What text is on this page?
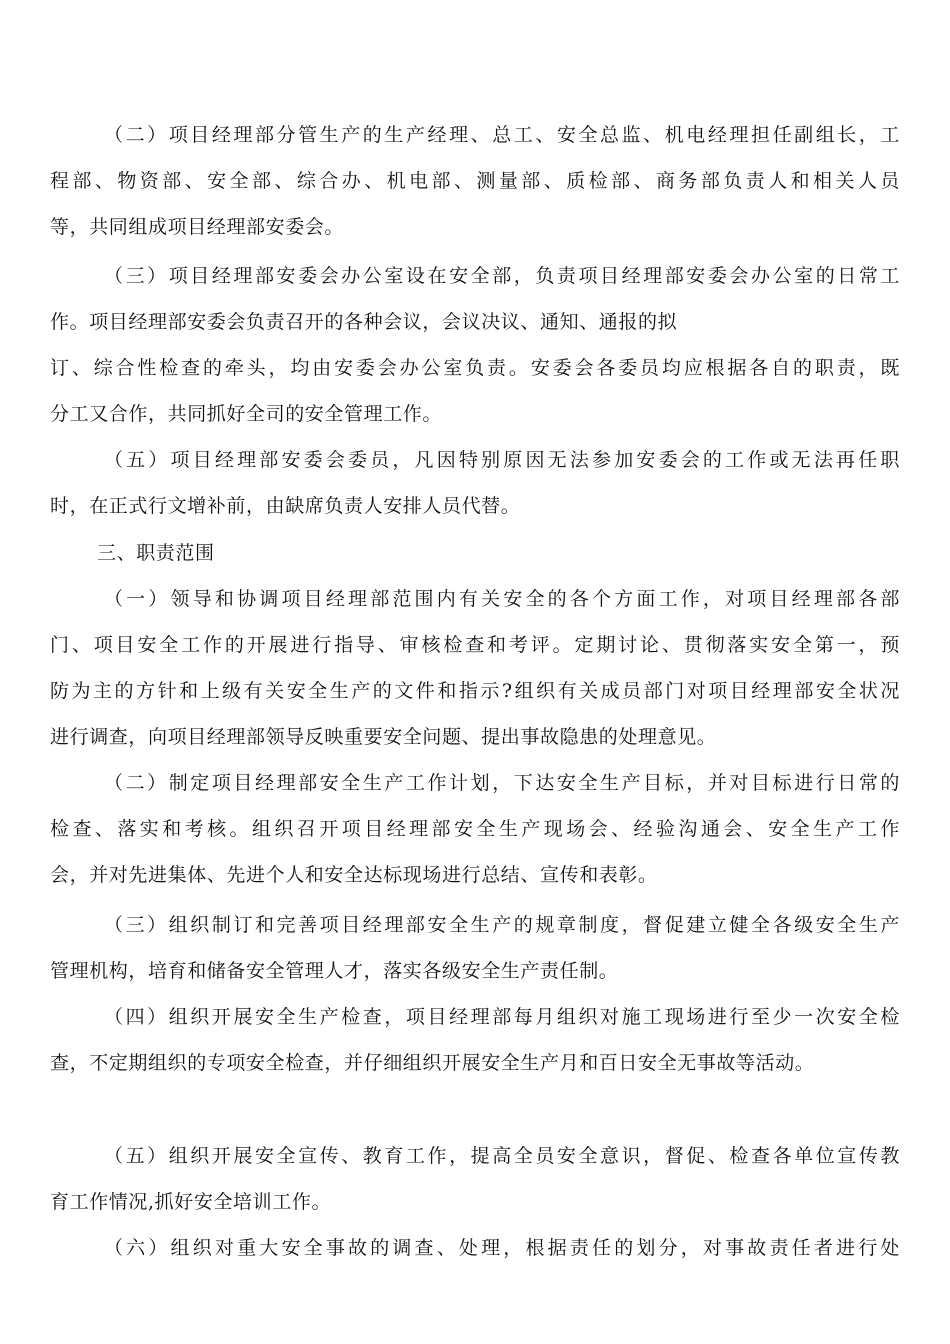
（二）项目经理部分管生产的生产经理、总工、安全总监、机电经理担任副组长，工
程部、物资部、安全部、综合办、机电部、测量部、质检部、商务部负责人和相关人员
等，共同组成项目经理部安委会。
（三）项目经理部安委会办公室设在安全部，负责项目经理部安委会办公室的日常工
作。项目经理部安委会负责召开的各种会议，会议决议、通知、通报的拟
订、综合性检查的牵头，均由安委会办公室负责。安委会各委员均应根据各自的职责，既
分工又合作，共同抓好全司的安全管理工作。
（五）项目经理部安委会委员，凡因特别原因无法参加安委会的工作或无法再任职
时，在正式行文增补前，由缺席负责人安排人员代替。
三、职责范围
（一）领导和协调项目经理部范围内有关安全的各个方面工作，对项目经理部各部
门、项目安全工作的开展进行指导、审核检查和考评。定期讨论、贯彻落实安全第一，预
防为主的方针和上级有关安全生产的文件和指示?组织有关成员部门对项目经理部安全状况
进行调查，向项目经理部领导反映重要安全问题、提出事故隐患的处理意见。
（二）制定项目经理部安全生产工作计划，下达安全生产目标，并对目标进行日常的
检查、落实和考核。组织召开项目经理部安全生产现场会、经验沟通会、安全生产工作
会，并对先进集体、先进个人和安全达标现场进行总结、宣传和表彰。
（三）组织制订和完善项目经理部安全生产的规章制度，督促建立健全各级安全生产
管理机构，培育和储备安全管理人才，落实各级安全生产责任制。
（四）组织开展安全生产检查，项目经理部每月组织对施工现场进行至少一次安全检
查，不定期组织的专项安全检查，并仔细组织开展安全生产月和百日安全无事故等活动。
（五）组织开展安全宣传、教育工作，提高全员安全意识，督促、检查各单位宣传教
育工作情况,抓好安全培训工作。
（六）组织对重大安全事故的调查、处理，根据责任的划分，对事故责任者进行处
